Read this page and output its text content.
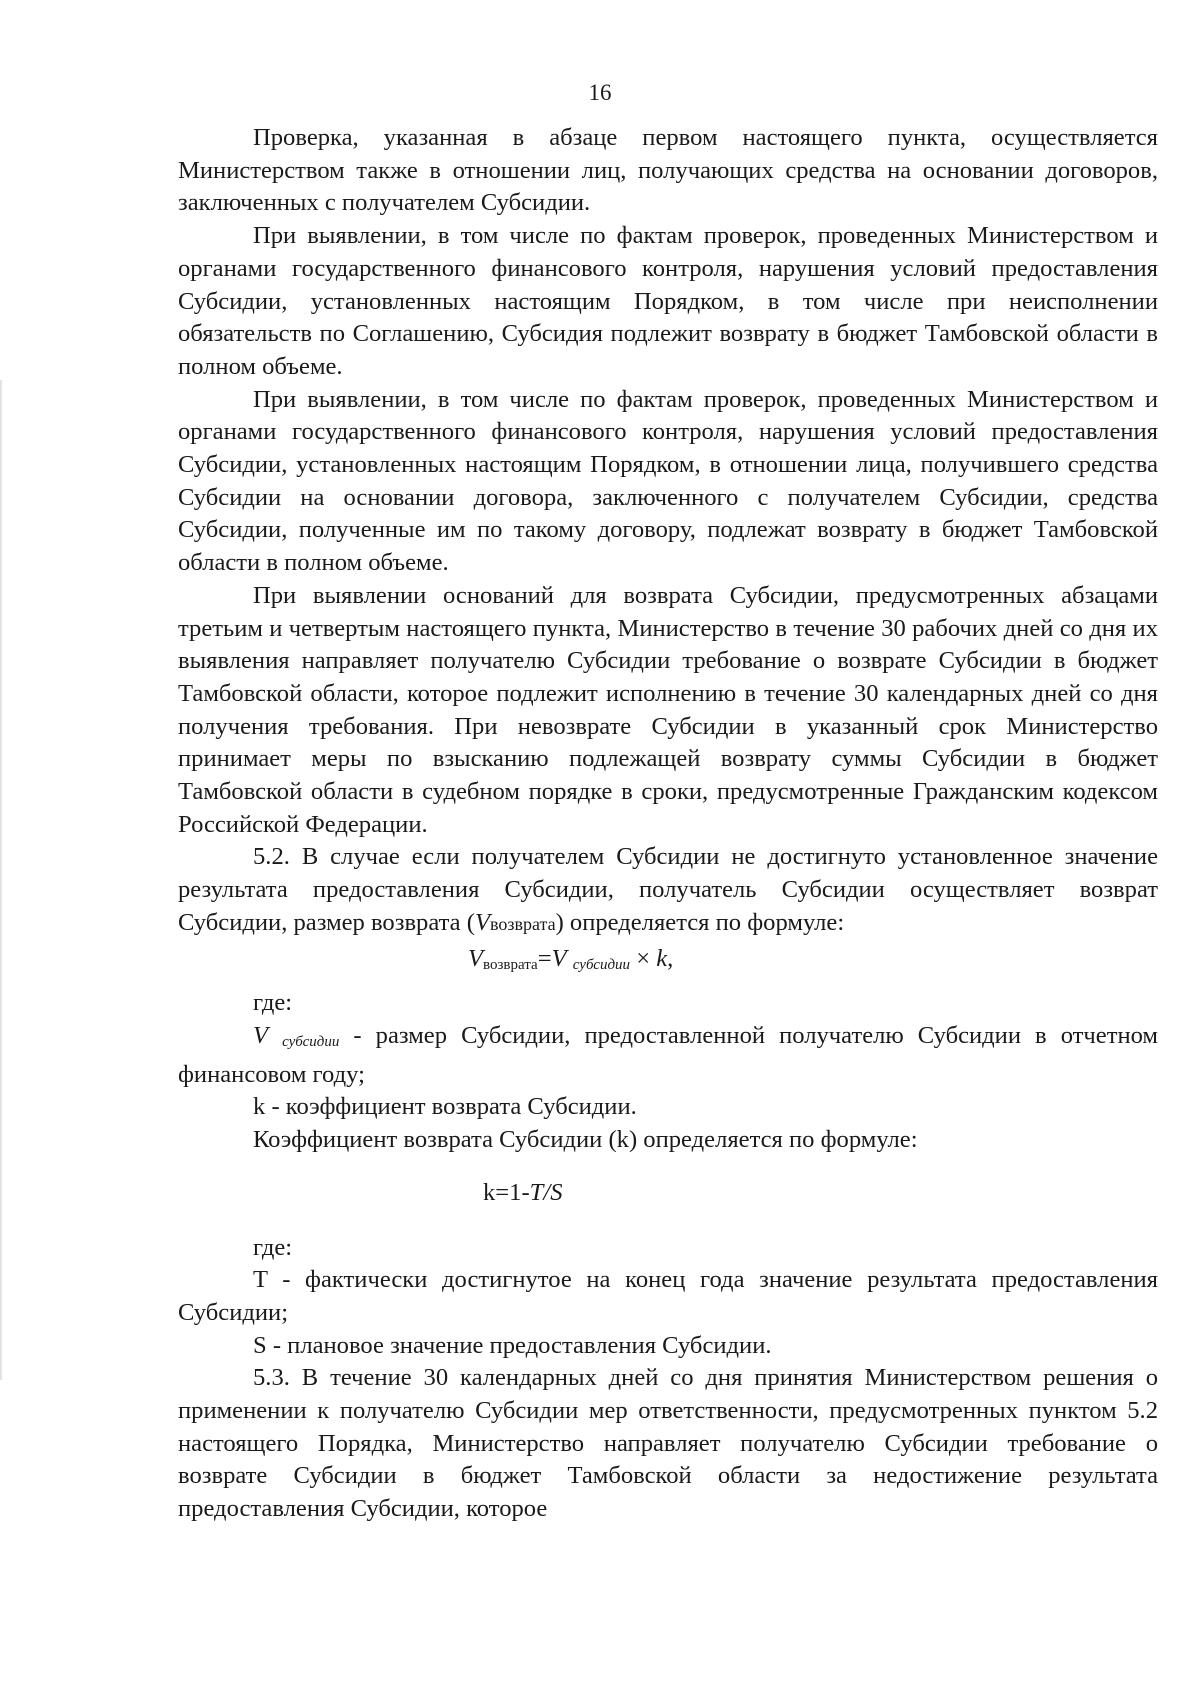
16

Проверка, указанная в абзаце первом настоящего пункта, осуществляется Министерством также в отношении лиц, получающих средства на основании договоров, заключенных с получателем Субсидии.

При выявлении, в том числе по фактам проверок, проведенных Министерством и органами государственного финансового контроля, нарушения условий предоставления Субсидии, установленных настоящим Порядком, в том числе при неисполнении обязательств по Соглашению, Субсидия подлежит возврату в бюджет Тамбовской области в полном объеме.

При выявлении, в том числе по фактам проверок, проведенных Министерством и органами государственного финансового контроля, нарушения условий предоставления Субсидии, установленных настоящим Порядком, в отношении лица, получившего средства Субсидии на основании договора, заключенного с получателем Субсидии, средства Субсидии, полученные им по такому договору, подлежат возврату в бюджет Тамбовской области в полном объеме.

При выявлении оснований для возврата Субсидии, предусмотренных абзацами третьим и четвертым настоящего пункта, Министерство в течение 30 рабочих дней со дня их выявления направляет получателю Субсидии требование о возврате Субсидии в бюджет Тамбовской области, которое подлежит исполнению в течение 30 календарных дней со дня получения требования. При невозврате Субсидии в указанный срок Министерство принимает меры по взысканию подлежащей возврату суммы Субсидии в бюджет Тамбовской области в судебном порядке в сроки, предусмотренные Гражданским кодексом Российской Федерации.

5.2. В случае если получателем Субсидии не достигнуто установленное значение результата предоставления Субсидии, получатель Субсидии осуществляет возврат Субсидии, размер возврата (Vвозврата) определяется по формуле:

$V_{возврата}=V$ субсидии × k,

где:

V субсидии - размер Субсидии, предоставленной получателю Субсидии в отчетном финансовом году;

k - коэффициент возврата Субсидии.

Коэффициент возврата Субсидии (k) определяется по формуле:

k=1-T/S

где:

T - фактически достигнутое на конец года значение результата предоставления Субсидии;

S - плановое значение предоставления Субсидии.

5.3. В течение 30 календарных дней со дня принятия Министерством решения о применении к получателю Субсидии мер ответственности, предусмотренных пунктом 5.2 настоящего Порядка, Министерство направляет получателю Субсидии требование о возврате Субсидии в бюджет Тамбовской области за недостижение результата предоставления Субсидии, которое
